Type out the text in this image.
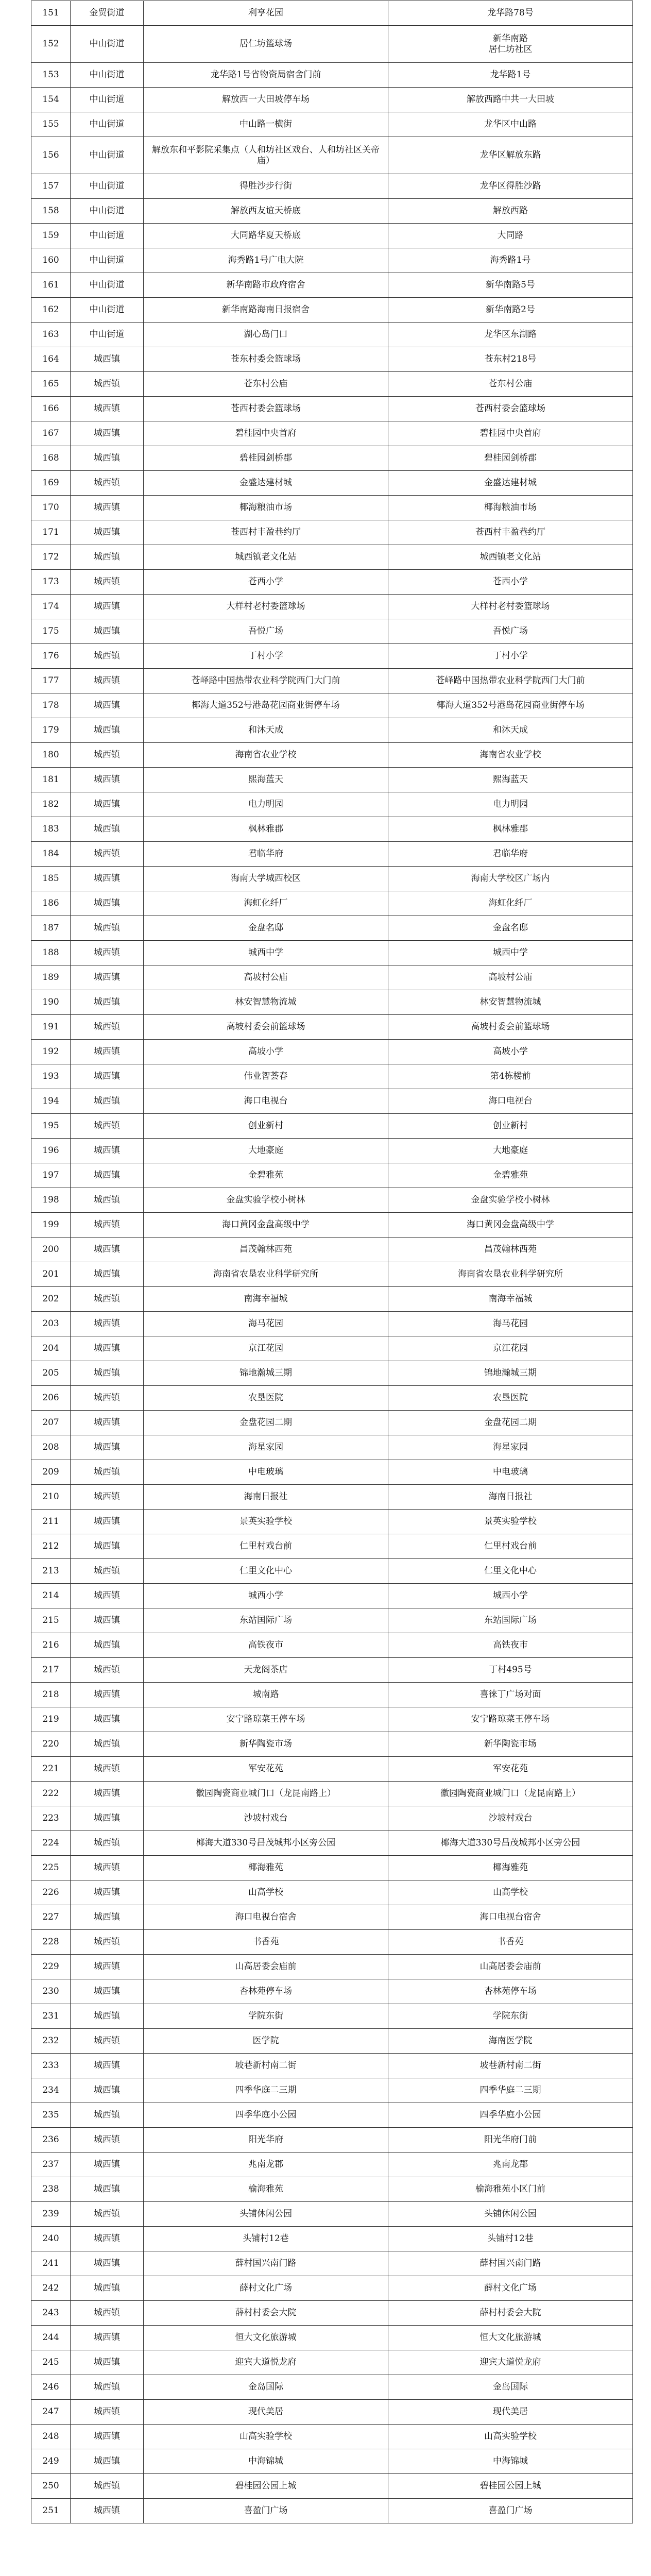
151	金贸街道	利亨花园	龙华路78号
152	中山街道	居仁坊篮球场	新华南路
居仁坊社区
153	中山街道	龙华路1号省物资局宿舍门前	龙华路1号
154	中山街道	解放西一大田坡停车场	解放西路中共一大田坡
155	中山街道	中山路一横街	龙华区中山路
156	中山街道	解放东和平影院采集点（人和坊社区戏台、人和坊社区关帝庙）	龙华区解放东路
157	中山街道	得胜沙步行街	龙华区得胜沙路
158	中山街道	解放西友谊天桥底	解放西路
159	中山街道	大同路华夏天桥底	大同路
160	中山街道	海秀路1号广电大院	海秀路1号
161	中山街道	新华南路市政府宿舍	新华南路5号
162	中山街道	新华南路海南日报宿舍	新华南路2号
163	中山街道	湖心岛门口	龙华区东湖路
164	城西镇	苍东村委会篮球场	苍东村218号
165	城西镇	苍东村公庙	苍东村公庙
166	城西镇	苍西村委会篮球场	苍西村委会篮球场
167	城西镇	碧桂园中央首府	碧桂园中央首府
168	城西镇	碧桂园剑桥郡	碧桂园剑桥郡
169	城西镇	金盛达建材城	金盛达建材城
170	城西镇	椰海粮油市场	椰海粮油市场
171	城西镇	苍西村丰盈巷约厅	苍西村丰盈巷约厅
172	城西镇	城西镇老文化站	城西镇老文化站
173	城西镇	苍西小学	苍西小学
174	城西镇	大样村老村委篮球场	大样村老村委篮球场
175	城西镇	吾悦广场	吾悦广场
176	城西镇	丁村小学	丁村小学
177	城西镇	苍峄路中国热带农业科学院西门大门前	苍峄路中国热带农业科学院西门大门前
178	城西镇	椰海大道352号港岛花园商业街停车场	椰海大道352号港岛花园商业街停车场
179	城西镇	和沐天成	和沐天成
180	城西镇	海南省农业学校	海南省农业学校
181	城西镇	熙海蓝天	熙海蓝天
182	城西镇	电力明园	电力明园
183	城西镇	枫林雅郡	枫林雅郡
184	城西镇	君临华府	君临华府
185	城西镇	海南大学城西校区	海南大学校区广场内
186	城西镇	海虹化纤厂	海虹化纤厂
187	城西镇	金盘名邸	金盘名邸
188	城西镇	城西中学	城西中学
189	城西镇	高坡村公庙	高坡村公庙
190	城西镇	林安智慧物流城	林安智慧物流城
191	城西镇	高坡村委会前篮球场	高坡村委会前篮球场
192	城西镇	高坡小学	高坡小学
193	城西镇	伟业智荟春	第4栋楼前
194	城西镇	海口电视台	海口电视台
195	城西镇	创业新村	创业新村
196	城西镇	大地豪庭	大地豪庭
197	城西镇	金碧雅苑	金碧雅苑
198	城西镇	金盘实验学校小树林	金盘实验学校小树林
199	城西镇	海口黄冈金盘高级中学	海口黄冈金盘高级中学
200	城西镇	昌茂翰林西苑	昌茂翰林西苑
201	城西镇	海南省农垦农业科学研究所	海南省农垦农业科学研究所
202	城西镇	南海幸福城	南海幸福城
203	城西镇	海马花园	海马花园
204	城西镇	京江花园	京江花园
205	城西镇	锦地瀚城三期	锦地瀚城三期
206	城西镇	农垦医院	农垦医院
207	城西镇	金盘花园二期	金盘花园二期
208	城西镇	海星家园	海星家园
209	城西镇	中电玻璃	中电玻璃
210	城西镇	海南日报社	海南日报社
211	城西镇	景英实验学校	景英实验学校
212	城西镇	仁里村戏台前	仁里村戏台前
213	城西镇	仁里文化中心	仁里文化中心
214	城西镇	城西小学	城西小学
215	城西镇	东站国际广场	东站国际广场
216	城西镇	高铁夜市	高铁夜市
217	城西镇	天龙阁茶店	丁村495号
218	城西镇	城南路	喜徕丁广场对面
219	城西镇	安宁路琼菜王停车场	安宁路琼菜王停车场
220	城西镇	新华陶瓷市场	新华陶瓷市场
221	城西镇	军安花苑	军安花苑
222	城西镇	徽园陶瓷商业城门口（龙昆南路上）	徽园陶瓷商业城门口（龙昆南路上）
223	城西镇	沙坡村戏台	沙坡村戏台
224	城西镇	椰海大道330号昌茂城邦小区旁公园	椰海大道330号昌茂城邦小区旁公园
225	城西镇	椰海雅苑	椰海雅苑
226	城西镇	山高学校	山高学校
227	城西镇	海口电视台宿舍	海口电视台宿舍
228	城西镇	书香苑	书香苑
229	城西镇	山高居委会庙前	山高居委会庙前
230	城西镇	杏林苑停车场	杏林苑停车场
231	城西镇	学院东街	学院东街
232	城西镇	医学院	海南医学院
233	城西镇	坡巷新村南二街	坡巷新村南二街
234	城西镇	四季华庭二三期	四季华庭二三期
235	城西镇	四季华庭小公园	四季华庭小公园
236	城西镇	阳光华府	阳光华府门前
237	城西镇	兆南龙郡	兆南龙郡
238	城西镇	榆海雅苑	榆海雅苑小区门前
239	城西镇	头铺休闲公园	头铺休闲公园
240	城西镇	头铺村12巷	头铺村12巷
241	城西镇	薛村国兴南门路	薛村国兴南门路
242	城西镇	薛村文化广场	薛村文化广场
243	城西镇	薛村村委会大院	薛村村委会大院
244	城西镇	恒大文化旅游城	恒大文化旅游城
245	城西镇	迎宾大道悦龙府	迎宾大道悦龙府
246	城西镇	金岛国际	金岛国际
247	城西镇	现代美居	现代美居
248	城西镇	山高实验学校	山高实验学校
249	城西镇	中海锦城	中海锦城
250	城西镇	碧桂园公园上城	碧桂园公园上城
251	城西镇	喜盈门广场	喜盈门广场
